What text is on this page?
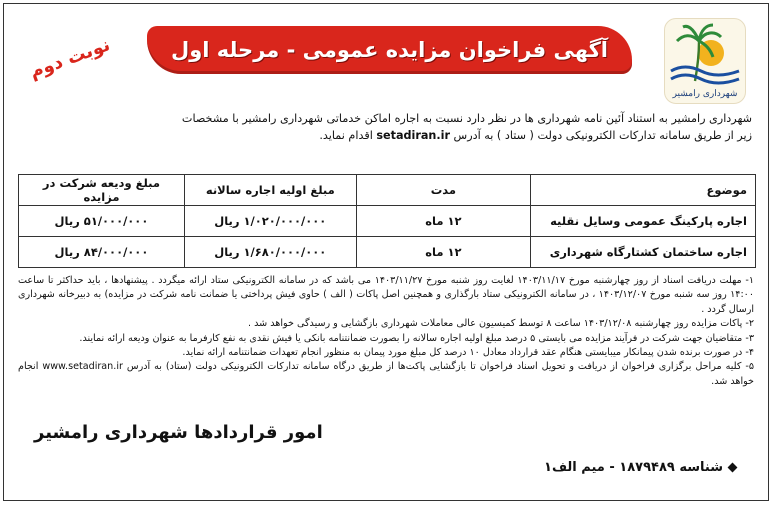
شهرداری رامشیر
آگهی فراخوان مزایده عمومی - مرحله اول
نوبت دوم

شهرداری رامشیر به استناد آئین نامه شهرداری ها در نظر دارد نسبت به اجاره اماکن خدماتی شهرداری رامشیر با مشخصات

زیر از طریق سامانه تدارکات الکترونیکی دولت ( ستاد ) به آدرس setadiran.ir اقدام نماید.

موضوع	مدت	مبلغ اولیه اجاره سالانه	مبلغ ودیعه شرکت در مزایده
اجاره پارکینگ عمومی وسایل نقلیه	۱۲ ماه	۱/۰۲۰/۰۰۰/۰۰۰ ریال	۵۱/۰۰۰/۰۰۰ ریال
اجاره ساختمان کشتارگاه شهرداری	۱۲ ماه	۱/۶۸۰/۰۰۰/۰۰۰ ریال	۸۴/۰۰۰/۰۰۰ ریال

۱- مهلت دریافت اسناد از روز چهارشنبه مورخ ۱۴۰۳/۱۱/۱۷ لغایت روز شنبه مورخ ۱۴۰۳/۱۱/۲۷ می باشد که در سامانه الکترونیکی ستاد ارائه میگردد . پیشنهادها ، باید حداکثر تا ساعت ۱۴:۰۰ روز سه شنبه مورخ ۱۴۰۳/۱۲/۰۷ ، در سامانه الکترونیکی ستاد بارگذاری و همچنین اصل پاکات ( الف ) حاوی فیش پرداختی یا ضمانت نامه شرکت در مزایده) به دبیرخانه شهرداری ارسال گردد .

۲- پاکات مزایده روز چهارشنبه ۱۴۰۳/۱۲/۰۸ ساعت ۸ توسط کمیسیون عالی معاملات شهرداری بازگشایی و رسیدگی خواهد شد .

۳- متقاضیان جهت شرکت در فرآیند مزایده می بایستی ۵ درصد مبلغ اولیه اجاره سالانه را بصورت ضمانتنامه بانکی یا فیش نقدی به نفع کارفرما به عنوان ودیعه ارائه نمایند.

۴- در صورت برنده شدن پیمانکار میبایستی هنگام عقد قرارداد معادل ۱۰ درصد کل مبلغ مورد پیمان به منظور انجام تعهدات ضمانتنامه ارائه نماید.

۵- کلیه مراحل برگزاری فراخوان از دریافت و تحویل اسناد فراخوان تا بازگشایی پاکت‌ها از طریق درگاه سامانه تدارکات الکترونیکی دولت (ستاد) به آدرس www.setadiran.ir انجام خواهد شد.

امور قراردادها شهرداری رامشیر
شناسه ۱۸۷۹۴۸۹ - میم الف۱
